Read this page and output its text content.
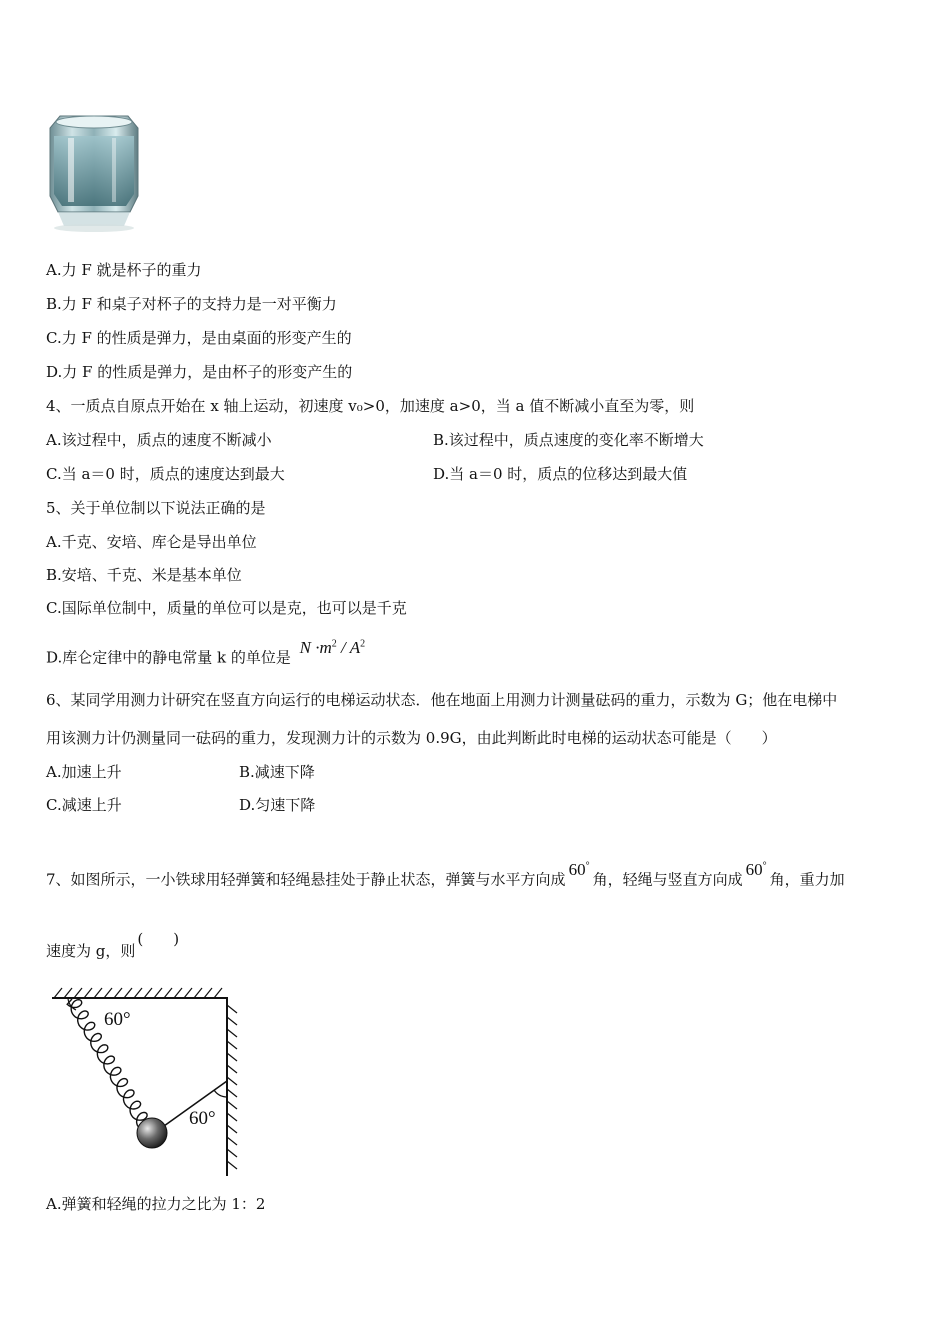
A.力 F 就是杯子的重力
B.力 F 和桌子对杯子的支持力是一对平衡力
C.力 F 的性质是弹力，是由桌面的形变产生的
D.力 F 的性质是弹力，是由杯子的形变产生的
4、一质点自原点开始在 x 轴上运动，初速度 v₀>0，加速度 a>0，当 a 值不断减小直至为零，则
A.该过程中，质点的速度不断减小	B.该过程中，质点速度的变化率不断增大
C.当 a＝0 时，质点的速度达到最大	D.当 a＝0 时，质点的位移达到最大值
5、关于单位制以下说法正确的是
A.千克、安培、库仑是导出单位
B.安培、千克、米是基本单位
C.国际单位制中，质量的单位可以是克，也可以是千克
D.库仑定律中的静电常量 k 的单位是 $N \cdot m^2 / A^2$
6、某同学用测力计研究在竖直方向运行的电梯运动状态．他在地面上用测力计测量砝码的重力，示数为 G；他在电梯中
用该测力计仍测量同一砝码的重力，发现测力计的示数为 0.9G，由此判断此时电梯的运动状态可能是（　　）
A.加速上升	B.减速下降
C.减速上升	D.匀速下降
7、如图所示，一小铁球用轻弹簧和轻绳悬挂处于静止状态，弹簧与水平方向成60°角，轻绳与竖直方向成60°角，重力加
速度为 g，则(　　)
60°
60°
A.弹簧和轻绳的拉力之比为 1：2
